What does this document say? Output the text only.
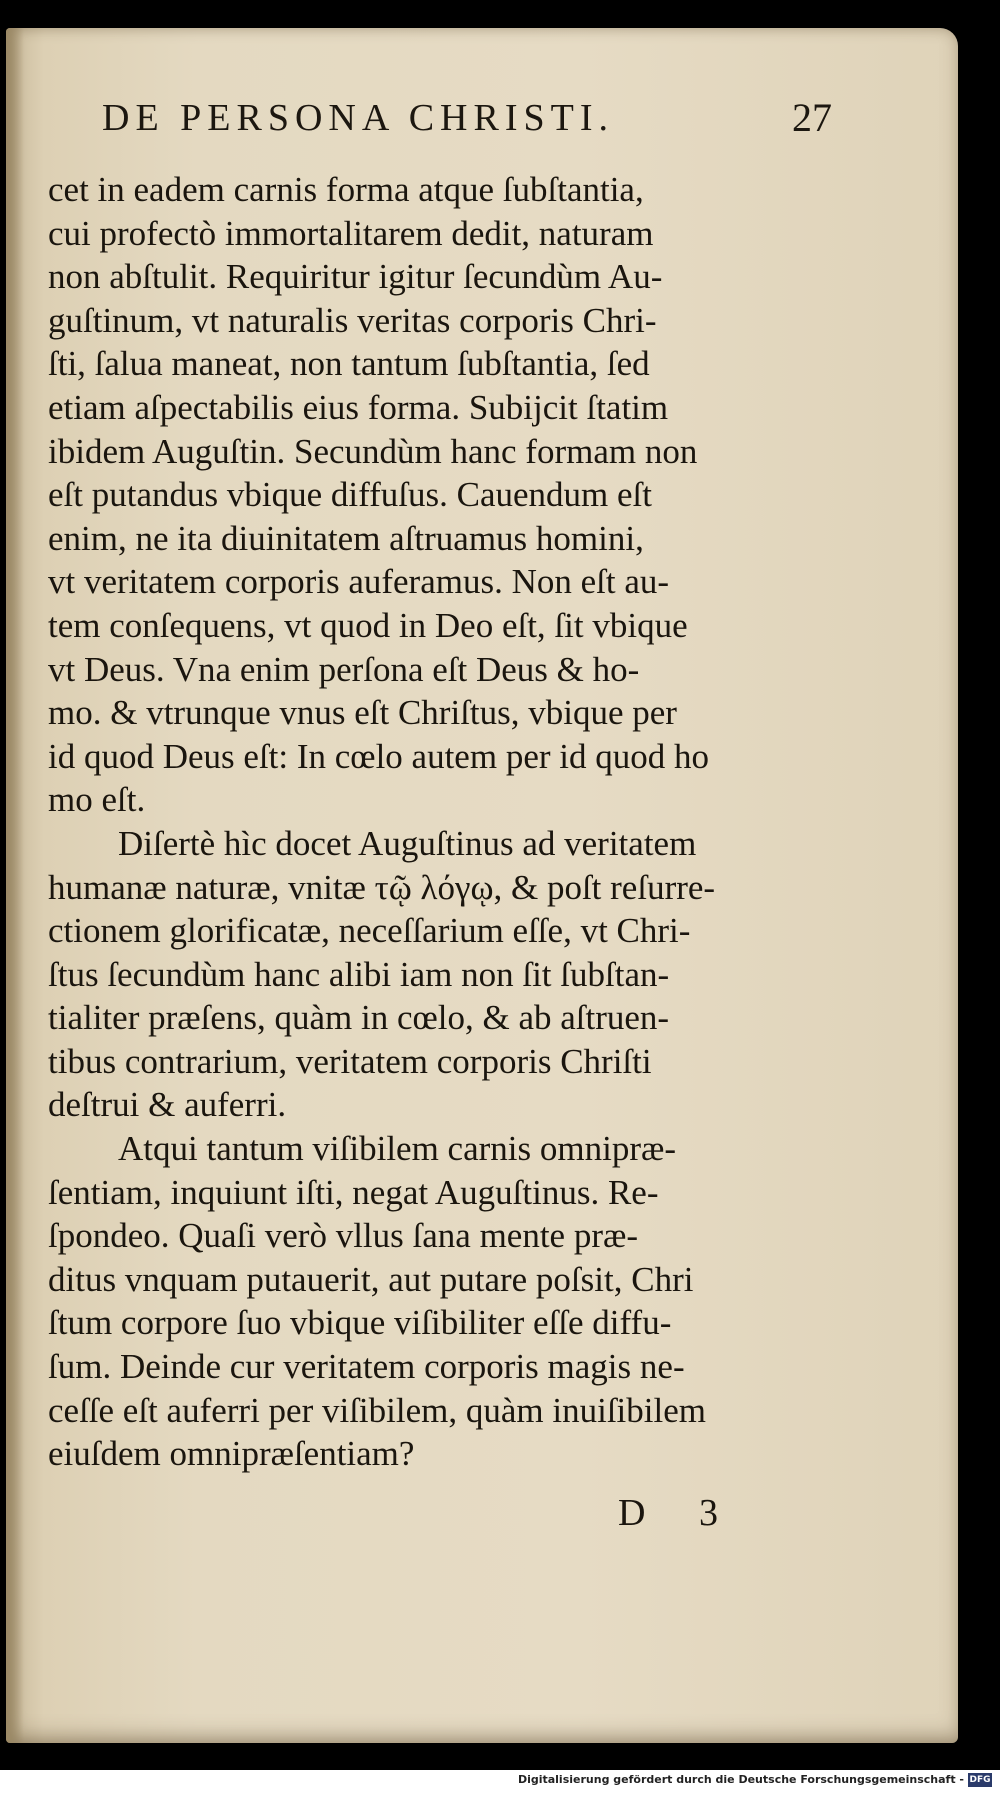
DE PERSONA CHRISTI.	27
cet in eadem carnis forma atque ſubſtantia,
cui profectò immortalitarem dedit, naturam
non abſtulit. Requiritur igitur ſecundùm Au-
guſtinum, vt naturalis veritas corporis Chri-
ſti, ſalua maneat, non tantum ſubſtantia, ſed
etiam aſpectabilis eius forma. Subijcit ſtatim
ibidem Auguſtin. Secundùm hanc formam non
eſt putandus vbique diffuſus. Cauendum eſt
enim, ne ita diuinitatem aſtruamus homini,
vt veritatem corporis auferamus. Non eſt au-
tem conſequens, vt quod in Deo eſt, ſit vbique
vt Deus. Vna enim perſona eſt Deus & ho-
mo. & vtrunque vnus eſt Chriſtus, vbique per
id quod Deus eſt: In cœlo autem per id quod ho
mo eſt.
Diſertè hìc docet Auguſtinus ad veritatem
humanæ naturæ, vnitæ τῷ λόγῳ, & poſt reſurre-
ctionem glorificatæ, neceſſarium eſſe, vt Chri-
ſtus ſecundùm hanc alibi iam non ſit ſubſtan-
tialiter præſens, quàm in cœlo, & ab aſtruen-
tibus contrarium, veritatem corporis Chriſti
deſtrui & auferri.
Atqui tantum viſibilem carnis omnipræ-
ſentiam, inquiunt iſti, negat Auguſtinus. Re-
ſpondeo. Quaſi verò vllus ſana mente præ-
ditus vnquam putauerit, aut putare poſsit, Chri
ſtum corpore ſuo vbique viſibiliter eſſe diffu-
ſum. Deinde cur veritatem corporis magis ne-
ceſſe eſt auferri per viſibilem, quàm inuiſibilem
eiuſdem omnipræſentiam?
D 3
Digitalisierung gefördert durch die Deutsche Forschungsgemeinschaft - DFG
